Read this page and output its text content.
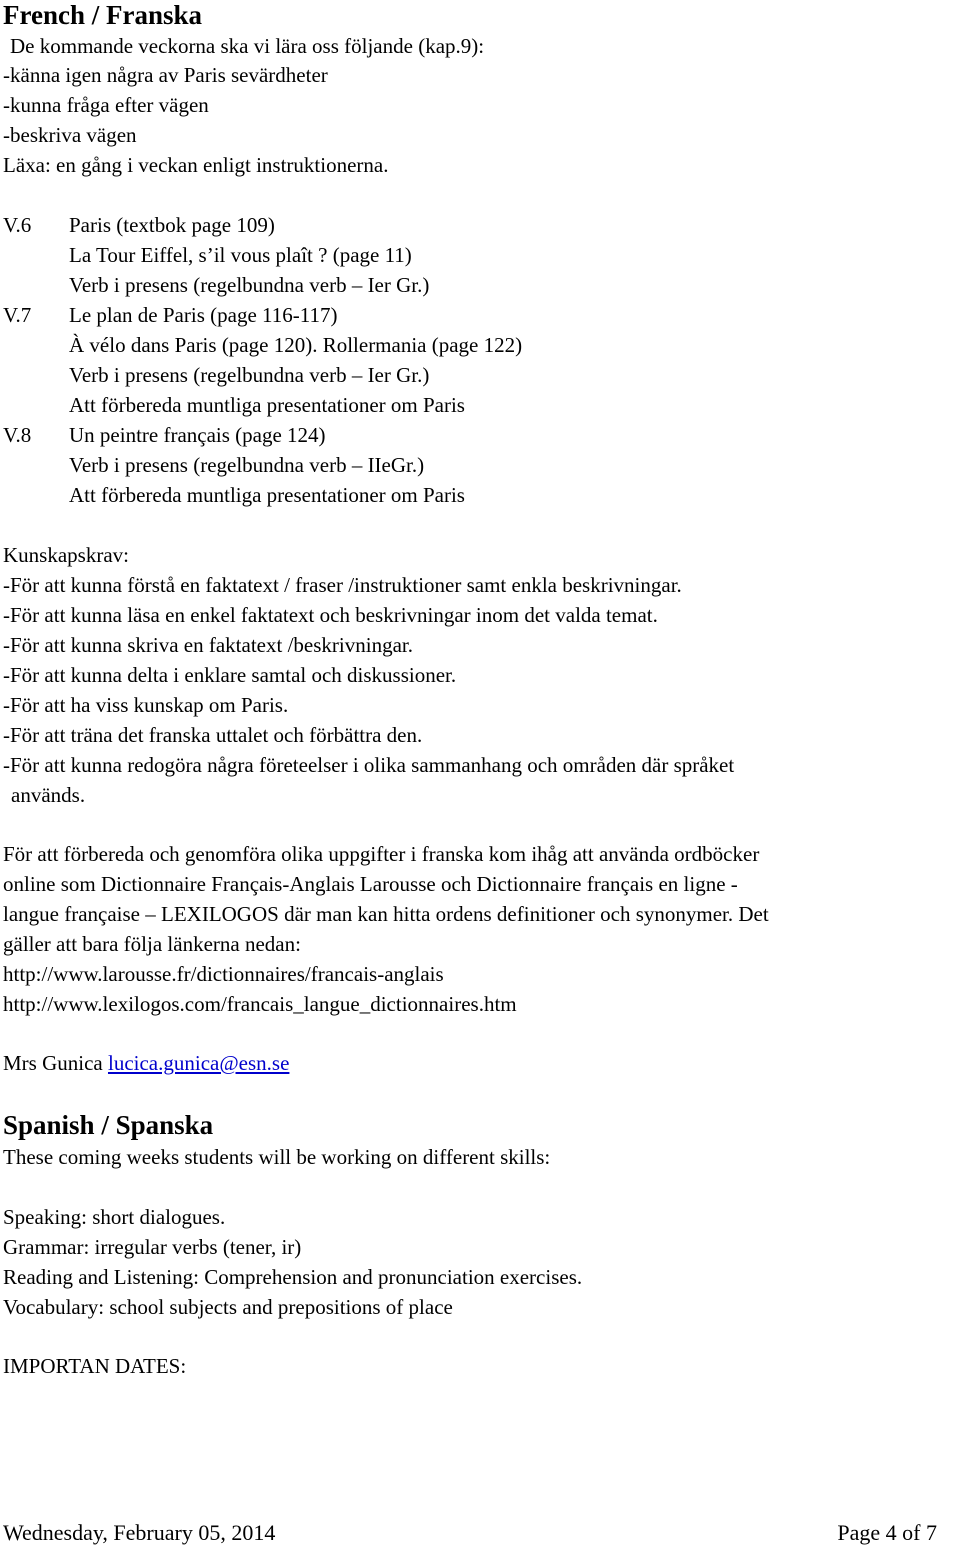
French / Franska
De kommande veckorna ska vi lära oss följande (kap.9):
-känna igen några av Paris sevärdheter
-kunna fråga efter vägen
-beskriva vägen
Läxa: en gång i veckan enligt instruktionerna.
V.6 Paris (textbok page 109)
La Tour Eiffel, s’il vous plaît ? (page 11)
Verb i presens (regelbundna verb – Ier Gr.)
V.7 Le plan de Paris (page 116-117)
À vélo dans Paris (page 120). Rollermania (page 122)
Verb i presens (regelbundna verb – Ier Gr.)
Att förbereda muntliga presentationer om Paris
V.8 Un peintre français (page 124)
Verb i presens (regelbundna verb – IIeGr.)
Att förbereda muntliga presentationer om Paris
Kunskapskrav:
-För att kunna förstå en faktatext / fraser /instruktioner samt enkla beskrivningar.
-För att kunna läsa en enkel faktatext och beskrivningar inom det valda temat.
-För att kunna skriva en faktatext /beskrivningar.
-För att kunna delta i enklare samtal och diskussioner.
-För att ha viss kunskap om Paris.
-För att träna det franska uttalet och förbättra den.
-För att kunna redogöra några företeelser i olika sammanhang och områden där språket
används.
För att förbereda och genomföra olika uppgifter i franska kom ihåg att använda ordböcker
online som Dictionnaire Français-Anglais Larousse och Dictionnaire français en ligne -
langue française – LEXILOGOS där man kan hitta ordens definitioner och synonymer. Det
gäller att bara följa länkerna nedan:
http://www.larousse.fr/dictionnaires/francais-anglais
http://www.lexilogos.com/francais_langue_dictionnaires.htm
Mrs Gunica lucica.gunica@esn.se
Spanish / Spanska
These coming weeks students will be working on different skills:
Speaking: short dialogues.
Grammar: irregular verbs (tener, ir)
Reading and Listening: Comprehension and pronunciation exercises.
Vocabulary: school subjects and prepositions of place
IMPORTAN DATES:
Wednesday, February 05, 2014	Page 4 of 7
